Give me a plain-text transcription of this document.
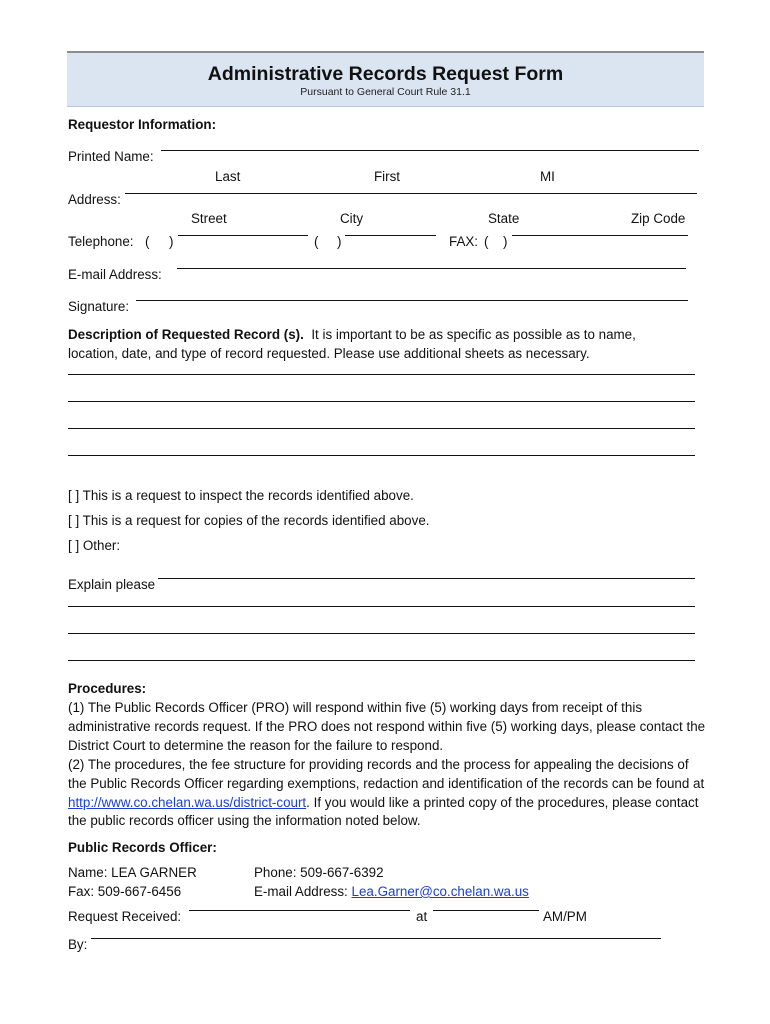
Administrative Records Request Form
Pursuant to General Court Rule 31.1
Requestor Information:
Printed Name:
Last	First	MI
Address:
Street	City	State	Zip Code
Telephone: ( )	( )	FAX: ( )
E-mail Address:
Signature:
Description of Requested Record (s). It is important to be as specific as possible as to name,
location, date, and type of record requested. Please use additional sheets as necessary.
[ ] This is a request to inspect the records identified above.
[ ] This is a request for copies of the records identified above.
[ ] Other:
Explain please
Procedures:
(1) The Public Records Officer (PRO) will respond within five (5) working days from receipt of this administrative records request. If the PRO does not respond within five (5) working days, please contact the District Court to determine the reason for the failure to respond.
(2) The procedures, the fee structure for providing records and the process for appealing the decisions of the Public Records Officer regarding exemptions, redaction and identification of the records can be found at http://www.co.chelan.wa.us/district-court. If you would like a printed copy of the procedures, please contact the public records officer using the information noted below.
Public Records Officer:
Name: LEA GARNER
Fax: 509-667-6456
Phone: 509-667-6392
E-mail Address: Lea.Garner@co.chelan.wa.us
Request Received:	at	AM/PM
By:
